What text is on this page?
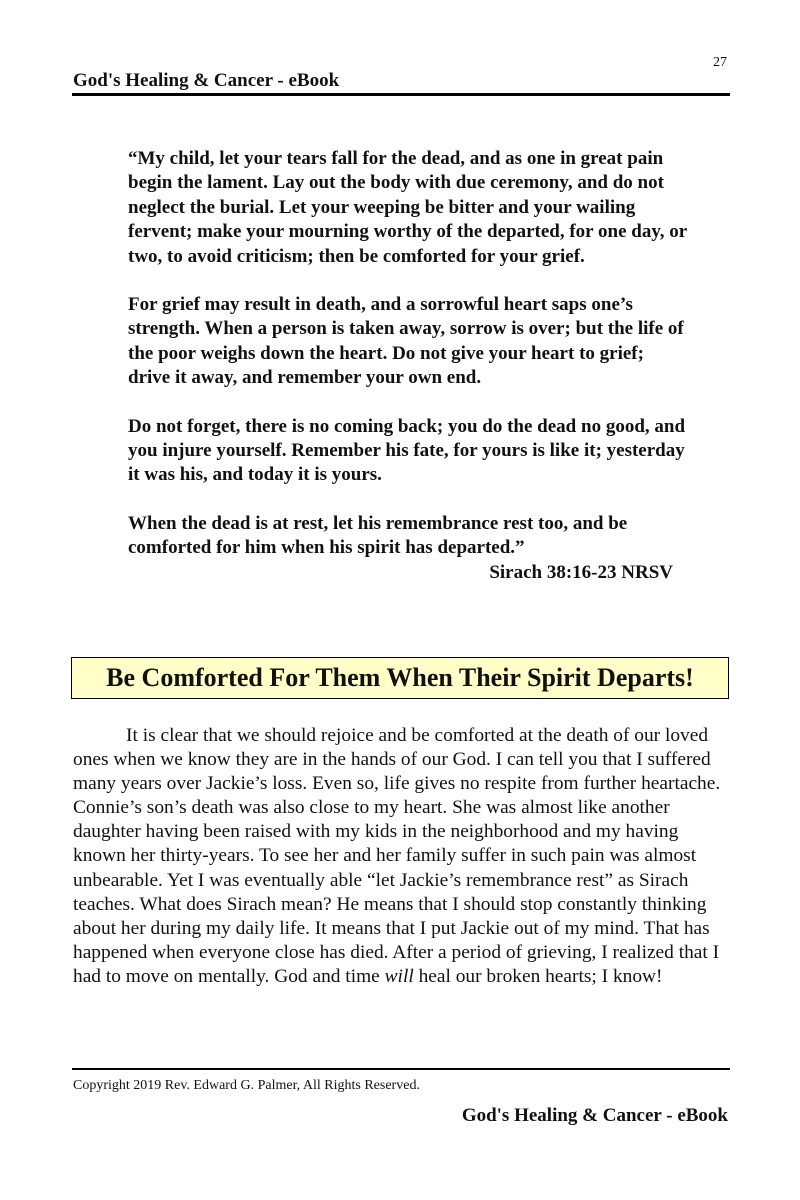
27
God's Healing & Cancer - eBook

“My child, let your tears fall for the dead, and as one in great pain begin the lament. Lay out the body with due ceremony, and do not neglect the burial. Let your weeping be bitter and your wailing fervent; make your mourning worthy of the departed, for one day, or two, to avoid criticism; then be comforted for your grief.

For grief may result in death, and a sorrowful heart saps one’s strength. When a person is taken away, sorrow is over; but the life of the poor weighs down the heart. Do not give your heart to grief; drive it away, and remember your own end.

Do not forget, there is no coming back; you do the dead no good, and you injure yourself. Remember his fate, for yours is like it; yesterday it was his, and today it is yours.

When the dead is at rest, let his remembrance rest too, and be comforted for him when his spirit has departed.”

Sirach 38:16-23 NRSV
Be Comforted For Them When Their Spirit Departs!

It is clear that we should rejoice and be comforted at the death of our loved ones when we know they are in the hands of our God. I can tell you that I suffered many years over Jackie’s loss. Even so, life gives no respite from further heartache. Connie’s son’s death was also close to my heart. She was almost like another daughter having been raised with my kids in the neighborhood and my having known her thirty-years. To see her and her family suffer in such pain was almost unbearable. Yet I was eventually able “let Jackie’s remembrance rest” as Sirach teaches. What does Sirach mean? He means that I should stop constantly thinking about her during my daily life. It means that I put Jackie out of my mind. That has happened when everyone close has died. After a period of grieving, I realized that I had to move on mentally. God and time will heal our broken hearts; I know!

Copyright 2019 Rev. Edward G. Palmer, All Rights Reserved.
God's Healing & Cancer - eBook
